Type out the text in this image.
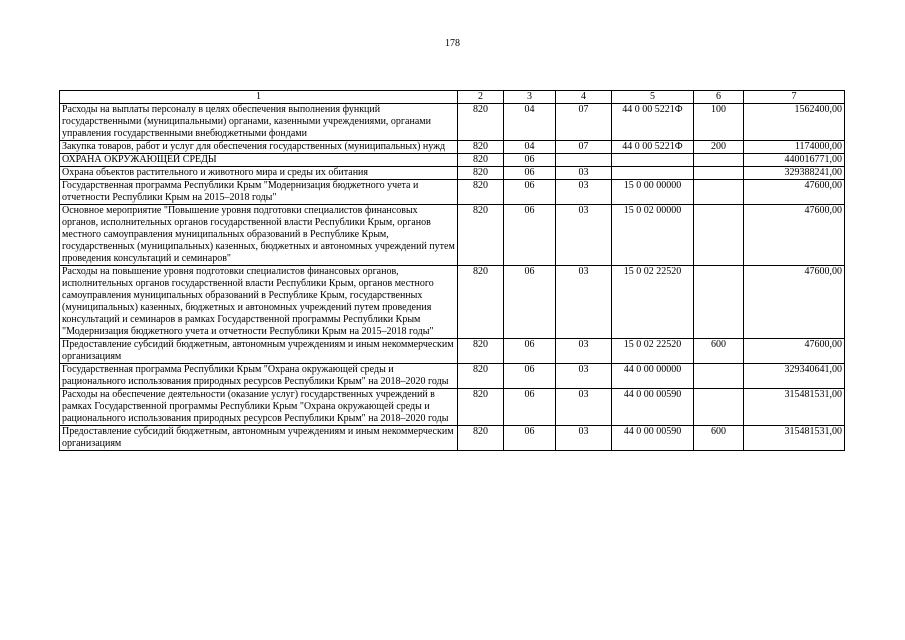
178
1	2	3	4	5	6	7
Расходы на выплаты персоналу в целях обеспечения выполнения функций государственными (муниципальными) органами, казенными учреждениями, органами управления государственными внебюджетными фондами	820	04	07	44 0 00 5221Ф	100	1562400,00
Закупка товаров, работ и услуг для обеспечения государственных (муниципальных) нужд	820	04	07	44 0 00 5221Ф	200	1174000,00
ОХРАНА ОКРУЖАЮЩЕЙ СРЕДЫ	820	06				440016771,00
Охрана объектов растительного и животного мира и среды их обитания	820	06	03			329388241,00
Государственная программа Республики Крым "Модернизация бюджетного учета и отчетности Республики Крым на 2015–2018 годы"	820	06	03	15 0 00 00000		47600,00
Основное мероприятие "Повышение уровня подготовки специалистов финансовых органов, исполнительных органов государственной власти Республики Крым, органов местного самоуправления муниципальных образований в Республике Крым, государственных (муниципальных) казенных, бюджетных и автономных учреждений путем проведения консультаций и семинаров"	820	06	03	15 0 02 00000		47600,00
Расходы на повышение уровня подготовки специалистов финансовых органов, исполнительных органов государственной власти Республики Крым, органов местного самоуправления муниципальных образований в Республике Крым, государственных (муниципальных) казенных, бюджетных и автономных учреждений путем проведения консультаций и семинаров в рамках Государственной программы Республики Крым "Модернизация бюджетного учета и отчетности Республики Крым на 2015–2018 годы"	820	06	03	15 0 02 22520		47600,00
Предоставление субсидий бюджетным, автономным учреждениям и иным некоммерческим организациям	820	06	03	15 0 02 22520	600	47600,00
Государственная программа Республики Крым "Охрана окружающей среды и рационального использования природных ресурсов Республики Крым" на 2018–2020 годы	820	06	03	44 0 00 00000		329340641,00
Расходы на обеспечение деятельности (оказание услуг) государственных учреждений в рамках Государственной программы Республики Крым "Охрана окружающей среды и рационального использования природных ресурсов Республики Крым" на 2018–2020 годы	820	06	03	44 0 00 00590		315481531,00
Предоставление субсидий бюджетным, автономным учреждениям и иным некоммерческим организациям	820	06	03	44 0 00 00590	600	315481531,00
